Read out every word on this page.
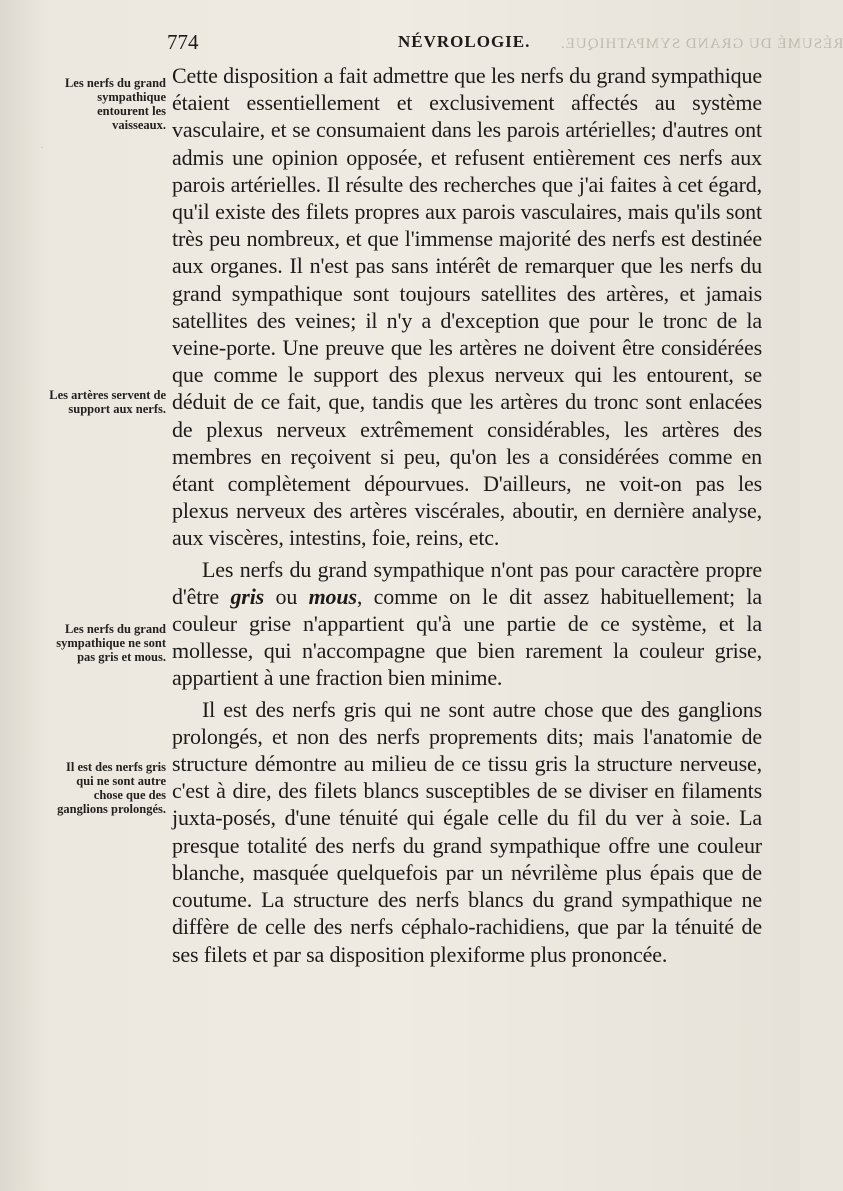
774	NÉVROLOGIE. RÉSUMÉ DU GRAND SYMPATHIQUE.
·
Les nerfs du grand sympathique entourent les vaisseaux.
Les artères servent de support aux nerfs.
Les nerfs du grand sympathique ne sont pas gris et mous.
Il est des nerfs gris qui ne sont autre chose que des ganglions prolongés.

Cette disposition a fait admettre que les nerfs du grand sympathique étaient essentiellement et exclusivement affectés au système vasculaire, et se consumaient dans les parois artérielles; d'autres ont admis une opinion opposée, et refusent entièrement ces nerfs aux parois artérielles. Il résulte des recherches que j'ai faites à cet égard, qu'il existe des filets propres aux parois vasculaires, mais qu'ils sont très peu nombreux, et que l'immense majorité des nerfs est destinée aux organes. Il n'est pas sans intérêt de remarquer que les nerfs du grand sympathique sont toujours satellites des artères, et jamais satellites des veines; il n'y a d'exception que pour le tronc de la veine-porte. Une preuve que les artères ne doivent être considérées que comme le support des plexus nerveux qui les entourent, se déduit de ce fait, que, tandis que les artères du tronc sont enlacées de plexus nerveux extrêmement considérables, les artères des membres en reçoivent si peu, qu'on les a considérées comme en étant complètement dépourvues. D'ailleurs, ne voit-on pas les plexus nerveux des artères viscérales, aboutir, en dernière analyse, aux viscères, intestins, foie, reins, etc.

Les nerfs du grand sympathique n'ont pas pour caractère propre d'être gris ou mous, comme on le dit assez habituellement; la couleur grise n'appartient qu'à une partie de ce système, et la mollesse, qui n'accompagne que bien rarement la couleur grise, appartient à une fraction bien minime.

Il est des nerfs gris qui ne sont autre chose que des ganglions prolongés, et non des nerfs proprements dits; mais l'anatomie de structure démontre au milieu de ce tissu gris la structure nerveuse, c'est à dire, des filets blancs susceptibles de se diviser en filaments juxta-posés, d'une ténuité qui égale celle du fil du ver à soie. La presque totalité des nerfs du grand sympathique offre une couleur blanche, masquée quelquefois par un névrilème plus épais que de coutume. La structure des nerfs blancs du grand sympathique ne diffère de celle des nerfs céphalo-rachidiens, que par la ténuité de ses filets et par sa disposition plexiforme plus prononcée.
